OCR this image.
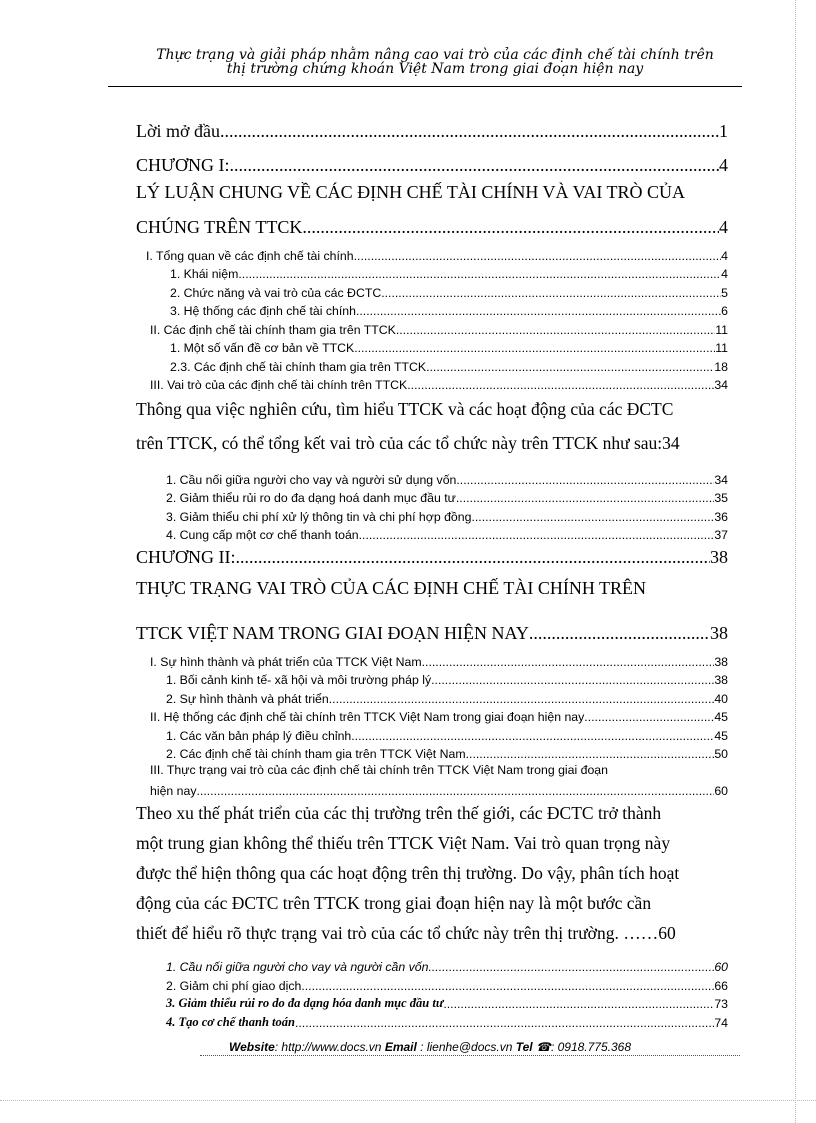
Thực trạng và giải pháp nhằm nâng cao vai trò của các định chế tài chính trên
thị trường chứng khoán Việt Nam trong giai đoạn hiện nay
Lời mở đầu .....	1
CHƯƠNG I: .....	4
LÝ LUẬN CHUNG VỀ CÁC ĐỊNH CHẾ TÀI CHÍNH VÀ VAI TRÒ CỦA
CHÚNG TRÊN TTCK .....	4
I. Tổng quan về các định chế tài chính .....	4
1. Khái niệm .....	4
2. Chức năng và vai trò của các ĐCTC .....	5
3. Hệ thống các định chế tài chính .....	6
II. Các định chế tài chính tham gia trên TTCK .....	11
1. Một số vấn đề cơ bản về TTCK .....	11
2.3. Các định chế tài chính tham gia trên TTCK .....	18
III. Vai trò của các định chế tài chính trên TTCK .....	34
Thông qua việc nghiên cứu, tìm hiểu TTCK và các hoạt động của các ĐCTC
trên TTCK, có thể tổng kết vai trò của các tổ chức này trên TTCK như sau:34
1. Cầu nối giữa người cho vay và người sử dụng vốn .....	34
2. Giảm thiểu rủi ro do đa dạng hoá danh mục đầu tư .....	35
3. Giảm thiểu chi phí xử lý thông tin và chi phí hợp đồng .....	36
4. Cung cấp một cơ chế thanh toán .....	37
CHƯƠNG II: .....	38
THỰC TRẠNG VAI TRÒ CỦA CÁC ĐỊNH CHẾ TÀI CHÍNH TRÊN
TTCK VIỆT NAM TRONG GIAI ĐOẠN HIỆN NAY .....	38
I. Sự hình thành và phát triển của TTCK Việt Nam .....	38
1. Bối cảnh kinh tế- xã hội và môi trường pháp lý .....	38
2. Sự hình thành và phát triển .....	40
II. Hệ thống các định chế tài chính trên TTCK Việt Nam trong giai đoạn hiện nay .....	45
1. Các văn bản pháp lý điều chỉnh .....	45
2. Các định chế tài chính tham gia trên TTCK Việt Nam .....	50
III. Thực trạng vai trò của các định chế tài chính trên TTCK Việt Nam trong giai đoạn
hiện nay .....	60
Theo xu thế phát triển của các thị trường trên thế giới, các ĐCTC trở thành
một trung gian không thể thiếu trên TTCK Việt Nam. Vai trò quan trọng này
được thể hiện thông qua các hoạt động trên thị trường. Do vậy, phân tích hoạt
động của các ĐCTC trên TTCK trong giai đoạn hiện nay là một bước cần
thiết để hiểu rõ thực trạng vai trò của các tổ chức này trên thị trường. ……60
1. Cầu nối giữa người cho vay và người cần vốn .....	60
2. Giảm chi phí giao dịch .....	66
3. Giảm thiểu rủi ro do đa dạng hóa danh mục đầu tư .....	73
4. Tạo cơ chế thanh toán .....	74
Website: http://www.docs.vn Email : lienhe@docs.vn Tel ☎: 0918.775.368
